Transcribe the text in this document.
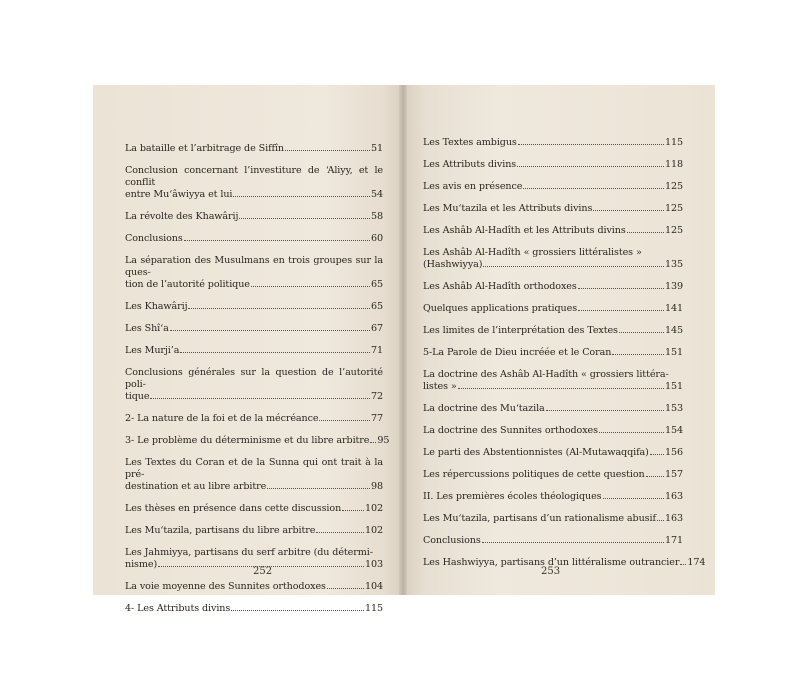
La bataille et l’arbitrage de Siffîn	51
Conclusion concernant l’investiture de ‘Aliyy, et le conflit
entre Mu‘âwiyya et lui	54
La révolte des Khawârij	58
Conclusions	60
La séparation des Musulmans en trois groupes sur la ques-
tion de l’autorité politique	65
Les Khawârij	65
Les Shî‘a	67
Les Murji’a	71
Conclusions générales sur la question de l’autorité poli-
tique	72
2- La nature de la foi et de la mécréance	77
3- Le problème du déterminisme et du libre arbitre 95
Les Textes du Coran et de la Sunna qui ont trait à la pré-
destination et au libre arbitre	98
Les thèses en présence dans cette discussion 102
Les Mu‘tazila, partisans du libre arbitre	102
Les Jahmiyya, partisans du serf arbitre (du détermi-
nisme)	103
La voie moyenne des Sunnites orthodoxes	104
4- Les Attributs divins	115
Les Textes ambigus	115
Les Attributs divins	118
Les avis en présence	125
Les Mu‘tazila et les Attributs divins	125
Les Ashâb Al-Hadîth et les Attributs divins	125
Les Ashâb Al-Hadîth « grossiers littéralistes »
(Hashwiyya)	135
Les Ashâb Al-Hadîth orthodoxes	139
Quelques applications pratiques	141
Les limites de l’interprétation des Textes	145
5-La Parole de Dieu incréée et le Coran	151
La doctrine des Ashâb Al-Hadîth « grossiers littéra-
listes »	151
La doctrine des Mu‘tazila	153
La doctrine des Sunnites orthodoxes	154
Le parti des Abstentionnistes (Al-Mutawaqqifa) 156
Les répercussions politiques de cette question 157
II. Les premières écoles théologiques	163
Les Mu‘tazila, partisans d’un rationalisme abusif 163
Conclusions	171
Les Hashwiyya, partisans d’un littéralisme outrancier 174
252	253
